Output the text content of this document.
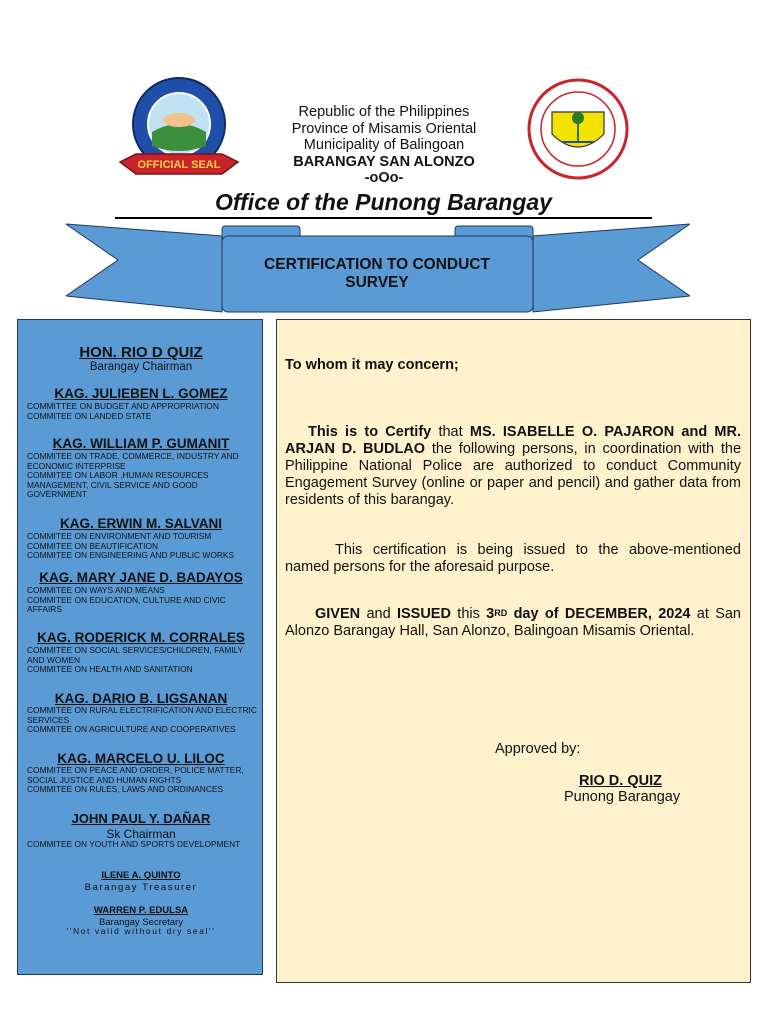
OFFICIAL SEAL
Republic of the Philippines
Province of Misamis Oriental
Municipality of Balingoan
BARANGAY SAN ALONZO
-oOo-
Office of the Punong Barangay
CERTIFICATION TO CONDUCT
SURVEY
HON. RIO D QUIZ
Barangay Chairman
KAG. JULIEBEN L. GOMEZ
COMMITTEE ON BUDGET AND APPROPRIATION
COMMITEE ON LANDED STATE
KAG. WILLIAM P. GUMANIT
COMMITEE ON TRADE, COMMERCE, INDUSTRY AND ECONOMIC INTERPRISE
COMMITEE ON LABOR ,HUMAN RESOURCES MANAGEMENT, CIVIL SERVICE AND GOOD GOVERNMENT
KAG. ERWIN M. SALVANI
COMMITEE ON ENVIRONMENT AND TOURISM
COMMITEE ON BEAUTIFICATION
COMMITEE ON ENGINEERING AND PUBLIC WORKS
KAG. MARY JANE D. BADAYOS
COMMITEE ON WAYS AND MEANS
COMMITEE ON EDUCATION, CULTURE AND CIVIC AFFAIRS
KAG. RODERICK M. CORRALES
COMMITEE ON SOCIAL SERVICES/CHILDREN, FAMILY AND WOMEN
COMMITEE ON HEALTH AND SANITATION
KAG. DARIO B. LIGSANAN
COMMITEE ON RURAL ELECTRIFICATION AND ELECTRIC SERVICES
COMMITEE ON AGRICULTURE AND COOPERATIVES
KAG. MARCELO U. LILOC
COMMITEE ON PEACE AND ORDER, POLICE MATTER, SOCIAL JUSTICE AND HUMAN RIGHTS
COMMITEE ON RULES, LAWS AND ORDINANCES
JOHN PAUL Y. DAÑAR
Sk Chairman
COMMITEE ON YOUTH AND SPORTS DEVELOPMENT
ILENE A. QUINTO
Barangay Treasurer
WARREN P. EDULSA
Barangay Secretary
''Not valid without dry seal''
To whom it may concern;
This is to Certify that MS. ISABELLE O. PAJARON and MR. ARJAN D. BUDLAO the following persons, in coordination with the Philippine National Police are authorized to conduct Community Engagement Survey (online or paper and pencil) and gather data from residents of this barangay.
This certification is being issued to the above-mentioned named persons for the aforesaid purpose.
GIVEN and ISSUED this 3RD day of DECEMBER, 2024 at San Alonzo Barangay Hall, San Alonzo, Balingoan Misamis Oriental.
Approved by:
RIO D. QUIZ
Punong Barangay
